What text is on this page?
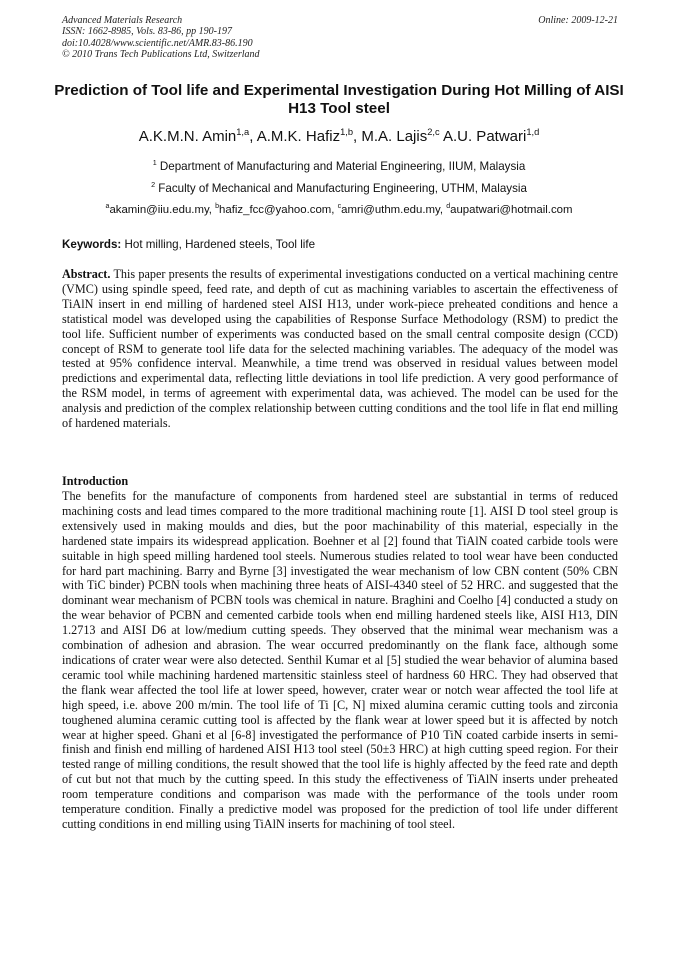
Advanced Materials Research
ISSN: 1662-8985, Vols. 83-86, pp 190-197
doi:10.4028/www.scientific.net/AMR.83-86.190
© 2010 Trans Tech Publications Ltd, Switzerland
Online: 2009-12-21
Prediction of Tool life and Experimental Investigation During Hot Milling of AISI H13 Tool steel
A.K.M.N. Amin$^{1,a}$, A.M.K. Hafiz$^{1,b}$, M.A. Lajis$^{2,c}$ A.U. Patwari$^{1,d}$
$^1$ Department of Manufacturing and Material Engineering, IIUM, Malaysia
$^2$ Faculty of Mechanical and Manufacturing Engineering, UTHM, Malaysia
$^a$akamin@iiu.edu.my, $^b$hafiz_fcc@yahoo.com, $^c$amri@uthm.edu.my, $^d$aupatwari@hotmail.com
Keywords: Hot milling, Hardened steels, Tool life

Abstract. This paper presents the results of experimental investigations conducted on a vertical machining centre (VMC) using spindle speed, feed rate, and depth of cut as machining variables to ascertain the effectiveness of TiAlN insert in end milling of hardened steel AISI H13, under work-piece preheated conditions and hence a statistical model was developed using the capabilities of Response Surface Methodology (RSM) to predict the tool life. Sufficient number of experiments was conducted based on the small central composite design (CCD) concept of RSM to generate tool life data for the selected machining variables. The adequacy of the model was tested at 95% confidence interval. Meanwhile, a time trend was observed in residual values between model predictions and experimental data, reflecting little deviations in tool life prediction. A very good performance of the RSM model, in terms of agreement with experimental data, was achieved. The model can be used for the analysis and prediction of the complex relationship between cutting conditions and the tool life in flat end milling of hardened materials.

Introduction

The benefits for the manufacture of components from hardened steel are substantial in terms of reduced machining costs and lead times compared to the more traditional machining route [1]. AISI D tool steel group is extensively used in making moulds and dies, but the poor machinability of this material, especially in the hardened state impairs its widespread application. Boehner et al [2] found that TiAlN coated carbide tools were suitable in high speed milling hardened tool steels. Numerous studies related to tool wear have been conducted for hard part machining. Barry and Byrne [3] investigated the wear mechanism of low CBN content (50% CBN with TiC binder) PCBN tools when machining three heats of AISI-4340 steel of 52 HRC. and suggested that the dominant wear mechanism of PCBN tools was chemical in nature. Braghini and Coelho [4] conducted a study on the wear behavior of PCBN and cemented carbide tools when end milling hardened steels like, AISI H13, DIN 1.2713 and AISI D6 at low/medium cutting speeds. They observed that the minimal wear mechanism was a combination of adhesion and abrasion. The wear occurred predominantly on the flank face, although some indications of crater wear were also detected. Senthil Kumar et al [5] studied the wear behavior of alumina based ceramic tool while machining hardened martensitic stainless steel of hardness 60 HRC. They had observed that the flank wear affected the tool life at lower speed, however, crater wear or notch wear affected the tool life at high speed, i.e. above 200 m/min. The tool life of Ti [C, N] mixed alumina ceramic cutting tools and zirconia toughened alumina ceramic cutting tool is affected by the flank wear at lower speed but it is affected by notch wear at higher speed. Ghani et al [6-8] investigated the performance of P10 TiN coated carbide inserts in semi-finish and finish end milling of hardened AISI H13 tool steel (50±3 HRC) at high cutting speed region. For their tested range of milling conditions, the result showed that the tool life is highly affected by the feed rate and depth of cut but not that much by the cutting speed. In this study the effectiveness of TiAlN inserts under preheated room temperature conditions and comparison was made with the performance of the tools under room temperature condition. Finally a predictive model was proposed for the prediction of tool life under different cutting conditions in end milling using TiAlN inserts for machining of tool steel.
